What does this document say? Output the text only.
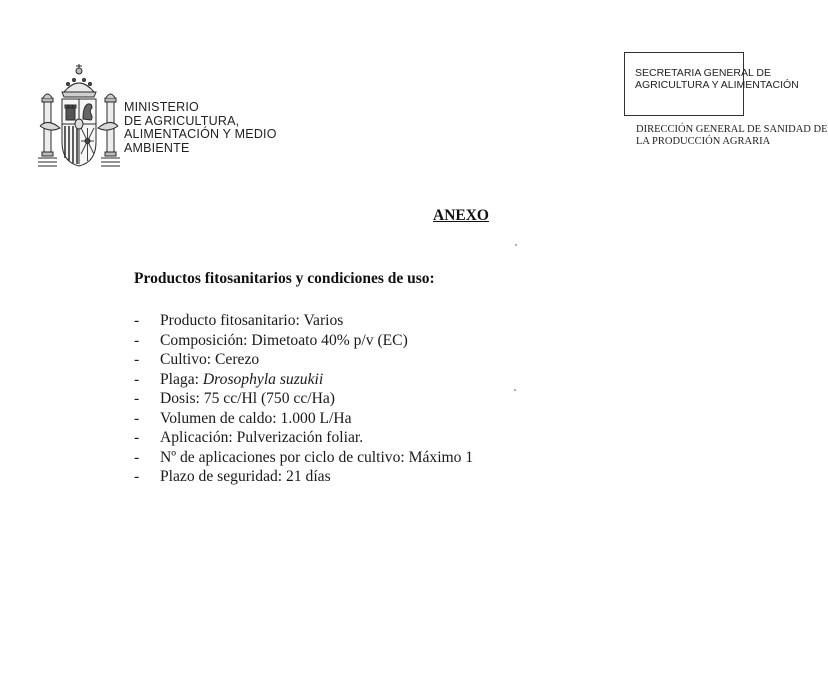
MINISTERIO
DE AGRICULTURA,
ALIMENTACIÓN Y MEDIO
AMBIENTE
SECRETARIA GENERAL DE
AGRICULTURA Y ALIMENTACIÓN
DIRECCIÓN GENERAL DE SANIDAD DE
LA PRODUCCIÓN AGRARIA
ANEXO
Productos fitosanitarios y condiciones de uso:
- Producto fitosanitario: Varios
- Composición: Dimetoato 40% p/v (EC)
- Cultivo: Cerezo
- Plaga: Drosophyla suzukii
- Dosis: 75 cc/Hl (750 cc/Ha)
- Volumen de caldo: 1.000 L/Ha
- Aplicación: Pulverización foliar.
- Nº de aplicaciones por ciclo de cultivo: Máximo 1
- Plazo de seguridad: 21 días
